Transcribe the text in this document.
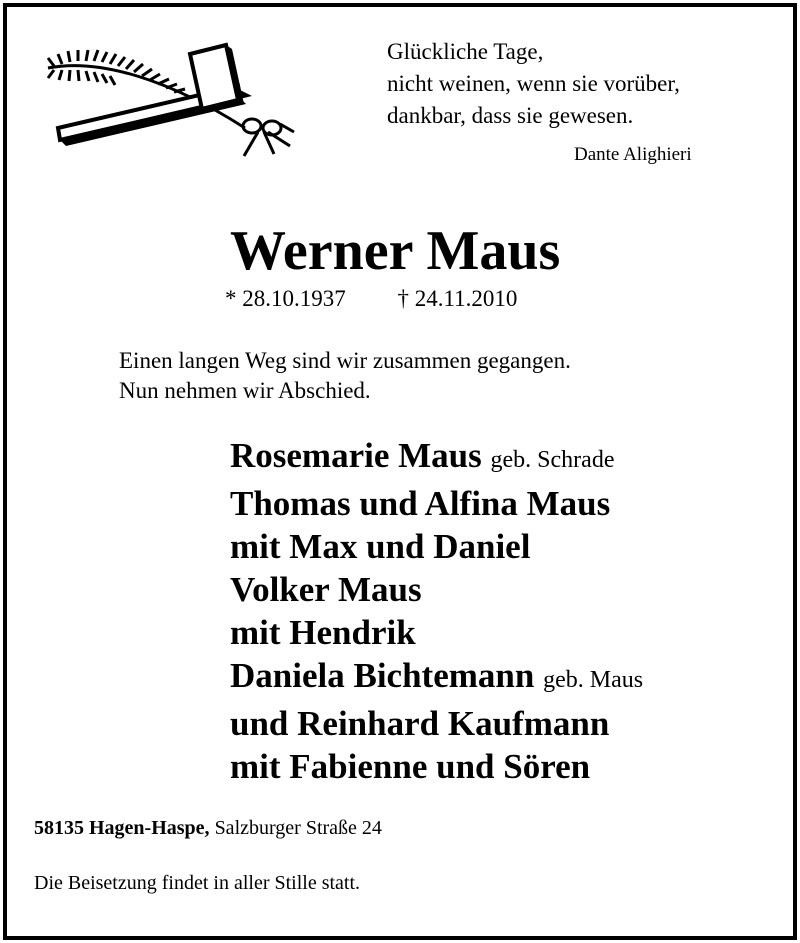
Glückliche Tage,
nicht weinen, wenn sie vorüber,
dankbar, dass sie gewesen.
Dante Alighieri
Werner Maus
* 28.10.1937 † 24.11.2010
Einen langen Weg sind wir zusammen gegangen.
Nun nehmen wir Abschied.
Rosemarie Maus geb. Schrade
Thomas und Alfina Maus
mit Max und Daniel
Volker Maus
mit Hendrik
Daniela Bichtemann geb. Maus
und Reinhard Kaufmann
mit Fabienne und Sören
58135 Hagen-Haspe, Salzburger Straße 24
Die Beisetzung findet in aller Stille statt.
